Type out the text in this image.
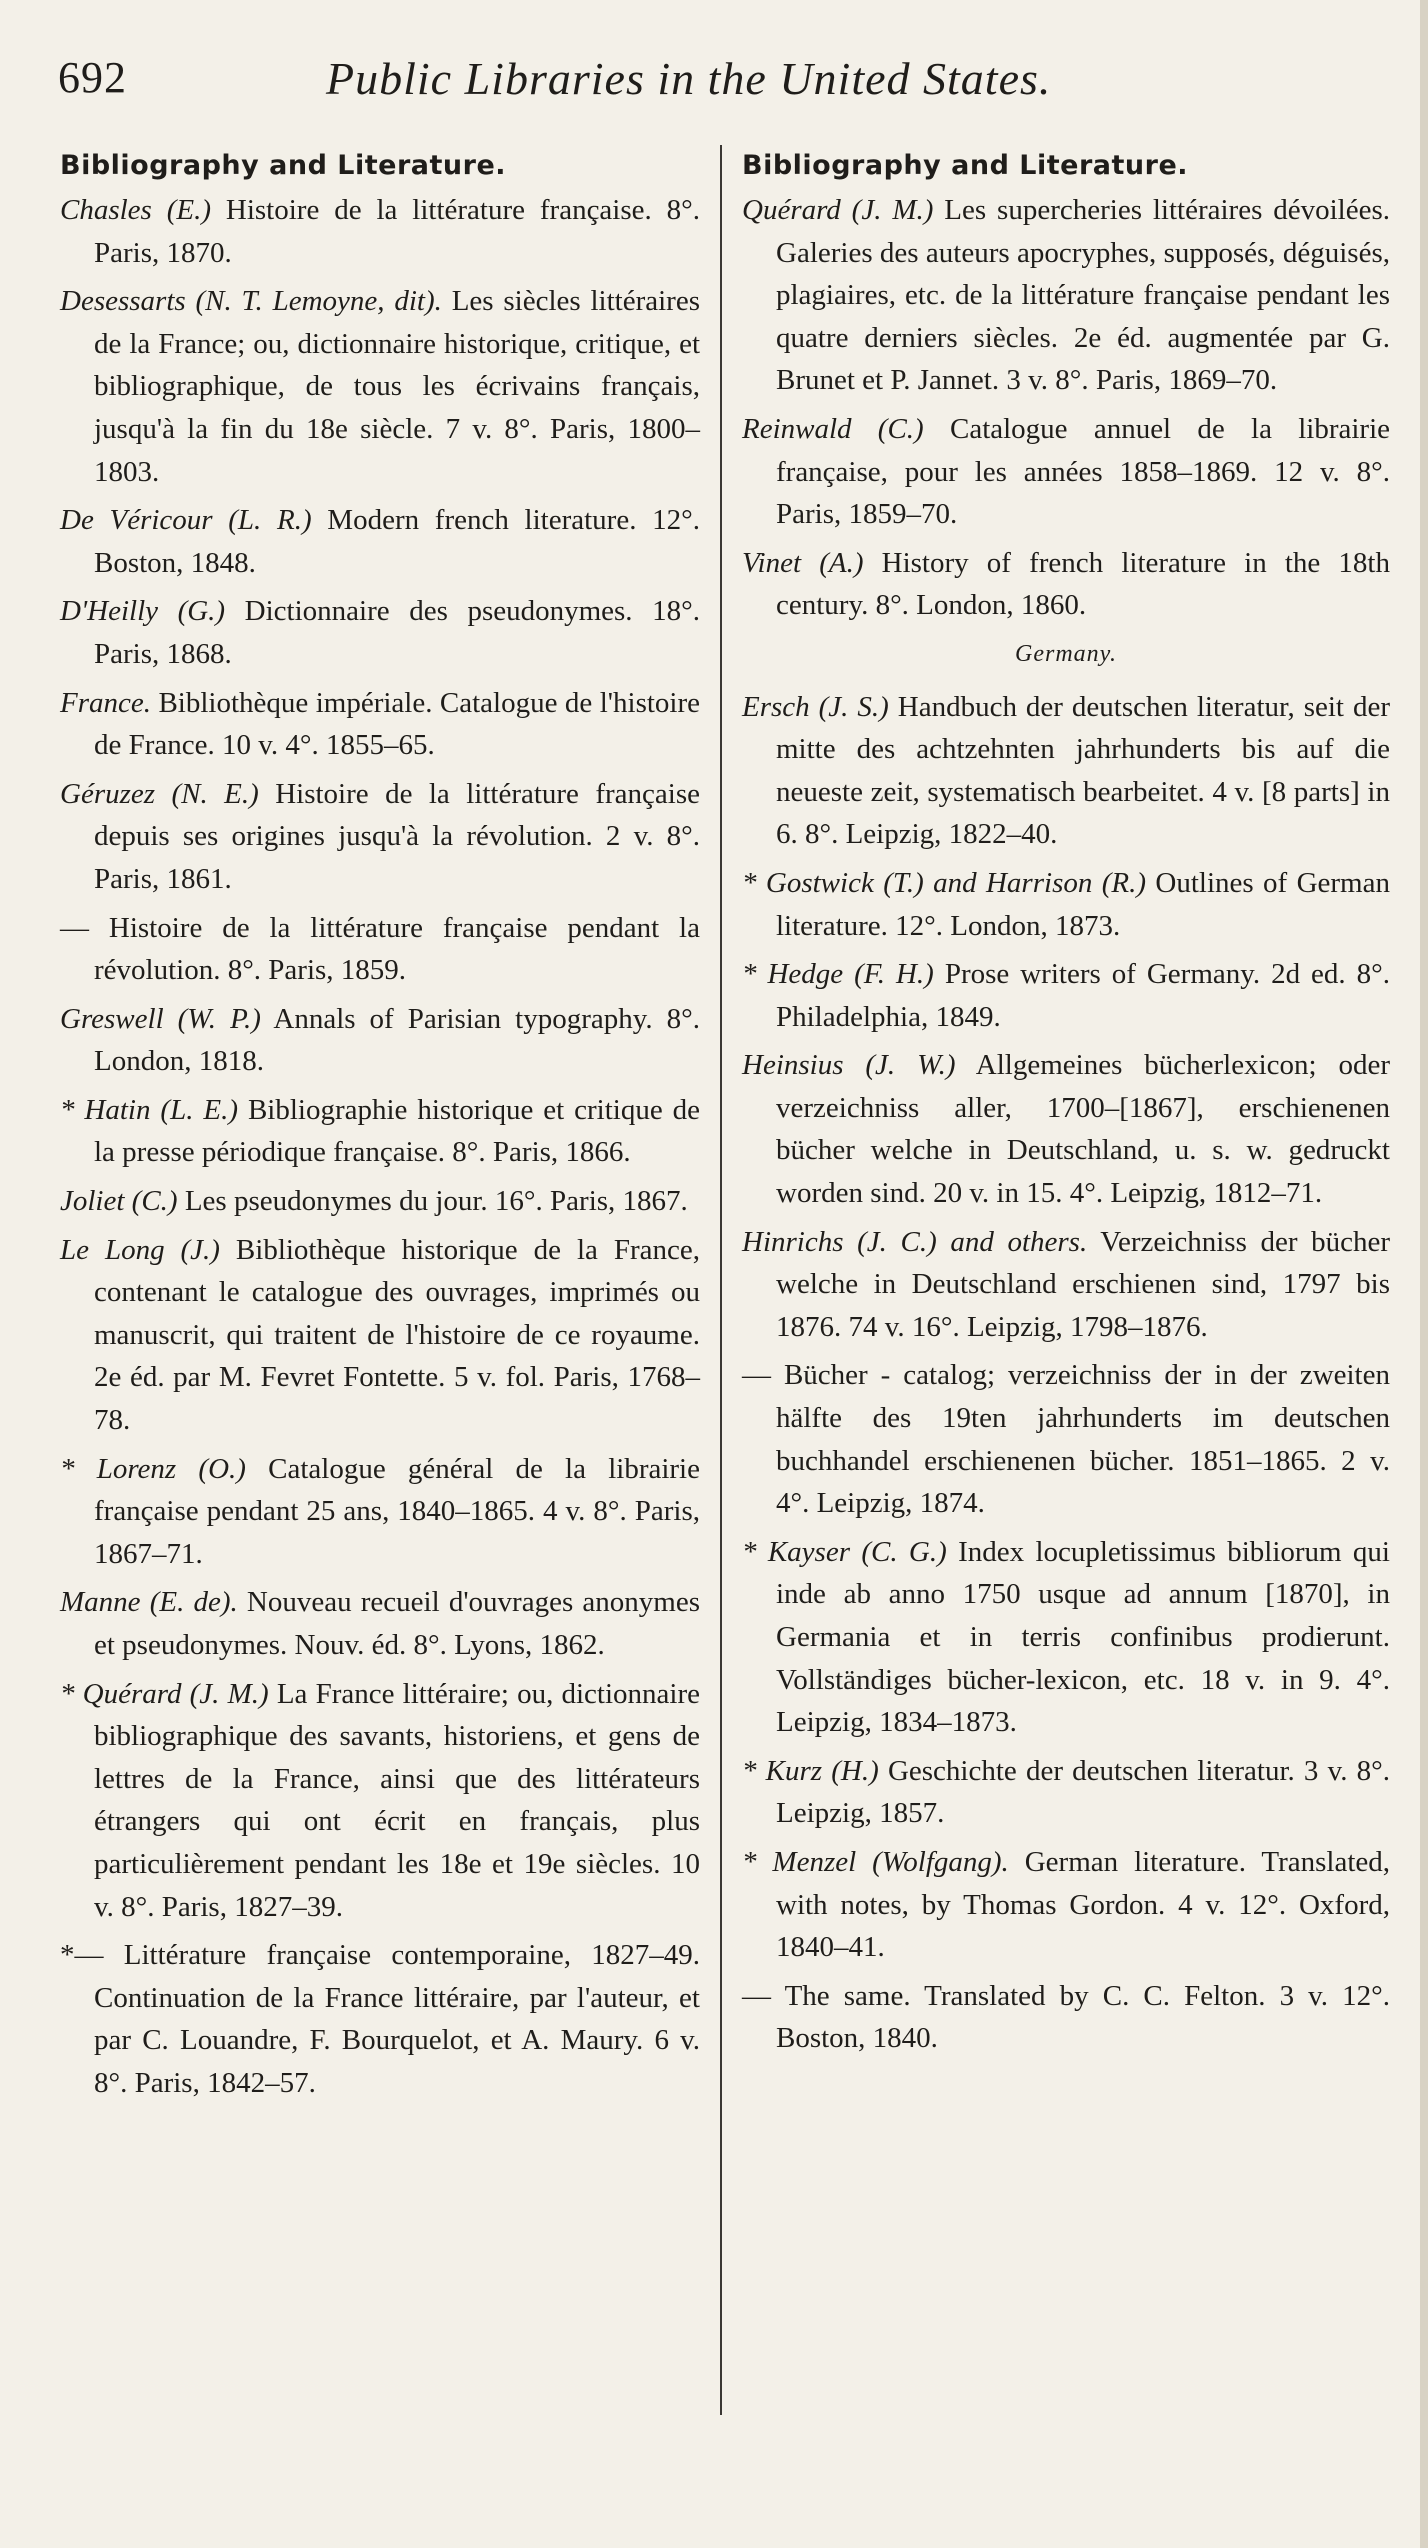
692	Public Libraries in the United States.
Bibliography and Literature.

Chasles (E.) Histoire de la littérature française. 8°. Paris, 1870.

Desessarts (N. T. Lemoyne, dit). Les siècles littéraires de la France; ou, dictionnaire historique, critique, et bibliographique, de tous les écrivains français, jusqu'à la fin du 18e siècle. 7 v. 8°. Paris, 1800–1803.

De Véricour (L. R.) Modern french literature. 12°. Boston, 1848.

D'Heilly (G.) Dictionnaire des pseudonymes. 18°. Paris, 1868.

France. Bibliothèque impériale. Catalogue de l'histoire de France. 10 v. 4°. 1855–65.

Géruzez (N. E.) Histoire de la littérature française depuis ses origines jusqu'à la révolution. 2 v. 8°. Paris, 1861.

— Histoire de la littérature française pendant la révolution. 8°. Paris, 1859.

Greswell (W. P.) Annals of Parisian typography. 8°. London, 1818.

* Hatin (L. E.) Bibliographie historique et critique de la presse périodique française. 8°. Paris, 1866.

Joliet (C.) Les pseudonymes du jour. 16°. Paris, 1867.

Le Long (J.) Bibliothèque historique de la France, contenant le catalogue des ouvrages, imprimés ou manuscrit, qui traitent de l'histoire de ce royaume. 2e éd. par M. Fevret Fontette. 5 v. fol. Paris, 1768–78.

* Lorenz (O.) Catalogue général de la librairie française pendant 25 ans, 1840–1865. 4 v. 8°. Paris, 1867–71.

Manne (E. de). Nouveau recueil d'ouvrages anonymes et pseudonymes. Nouv. éd. 8°. Lyons, 1862.

* Quérard (J. M.) La France littéraire; ou, dictionnaire bibliographique des savants, historiens, et gens de lettres de la France, ainsi que des littérateurs étrangers qui ont écrit en français, plus particulièrement pendant les 18e et 19e siècles. 10 v. 8°. Paris, 1827–39.

*— Littérature française contemporaine, 1827–49. Continuation de la France littéraire, par l'auteur, et par C. Louandre, F. Bourquelot, et A. Maury. 6 v. 8°. Paris, 1842–57.

Bibliography and Literature.

Quérard (J. M.) Les supercheries littéraires dévoilées. Galeries des auteurs apocryphes, supposés, déguisés, plagiaires, etc. de la littérature française pendant les quatre derniers siècles. 2e éd. augmentée par G. Brunet et P. Jannet. 3 v. 8°. Paris, 1869–70.

Reinwald (C.) Catalogue annuel de la librairie française, pour les années 1858–1869. 12 v. 8°. Paris, 1859–70.

Vinet (A.) History of french literature in the 18th century. 8°. London, 1860.

Germany.

Ersch (J. S.) Handbuch der deutschen literatur, seit der mitte des achtzehnten jahrhunderts bis auf die neueste zeit, systematisch bearbeitet. 4 v. [8 parts] in 6. 8°. Leipzig, 1822–40.

* Gostwick (T.) and Harrison (R.) Outlines of German literature. 12°. London, 1873.

* Hedge (F. H.) Prose writers of Germany. 2d ed. 8°. Philadelphia, 1849.

Heinsius (J. W.) Allgemeines bücherlexicon; oder verzeichniss aller, 1700–[1867], erschienenen bücher welche in Deutschland, u. s. w. gedruckt worden sind. 20 v. in 15. 4°. Leipzig, 1812–71.

Hinrichs (J. C.) and others. Verzeichniss der bücher welche in Deutschland erschienen sind, 1797 bis 1876. 74 v. 16°. Leipzig, 1798–1876.

— Bücher - catalog; verzeichniss der in der zweiten hälfte des 19ten jahrhunderts im deutschen buchhandel erschienenen bücher. 1851–1865. 2 v. 4°. Leipzig, 1874.

* Kayser (C. G.) Index locupletissimus bibliorum qui inde ab anno 1750 usque ad annum [1870], in Germania et in terris confinibus prodierunt. Vollständiges bücher-lexicon, etc. 18 v. in 9. 4°. Leipzig, 1834–1873.

* Kurz (H.) Geschichte der deutschen literatur. 3 v. 8°. Leipzig, 1857.

* Menzel (Wolfgang). German literature. Translated, with notes, by Thomas Gordon. 4 v. 12°. Oxford, 1840–41.

— The same. Translated by C. C. Felton. 3 v. 12°. Boston, 1840.
